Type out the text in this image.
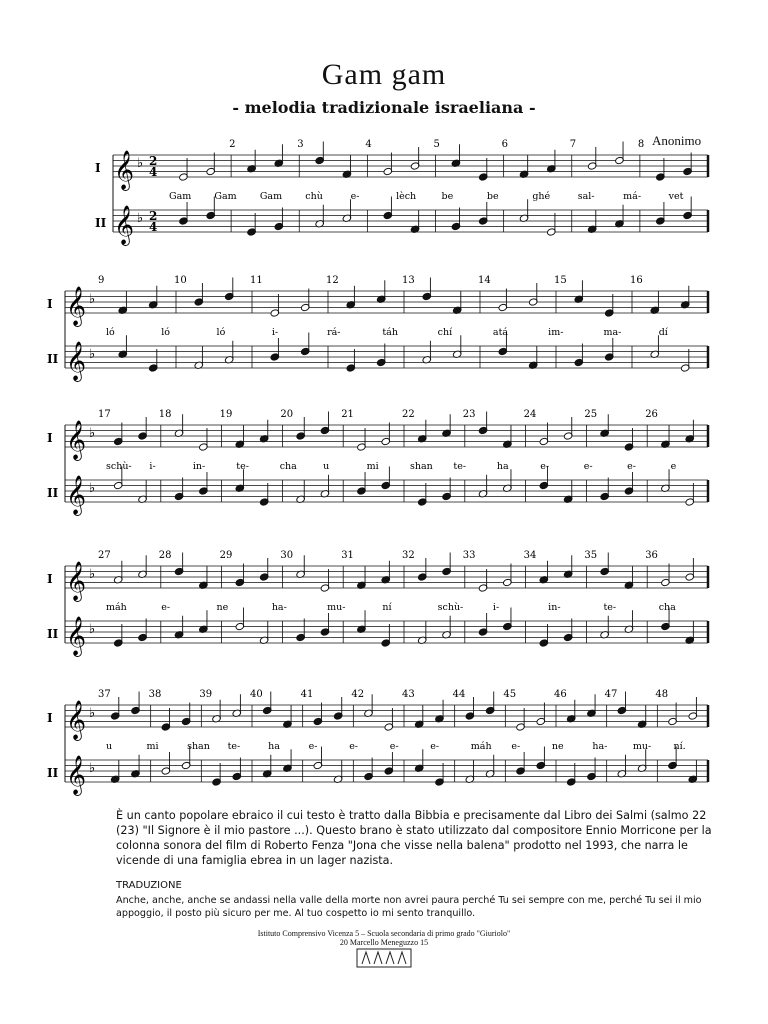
Gam gam
- melodia tradizionale israeliana -
Anonimo
I 𝄞 ♭ 2
4
II 𝄞 ♭ 2
4
2	3	4	5	6	7	8
Gam Gam Gam chù	e-	lèch	be	be	ghé	sal-	má-	vet
I 𝄞 ♭
II 𝄞 ♭
9	10	11	12	13	14	15	16
ló	ló	ló	i-	rá-	táh	chí	atá	im-	ma-	dí
I 𝄞 ♭
II 𝄞 ♭
17	18	19	20	21	22	23	24	25	26
schù- i-	in-	te-	cha	u	mi	shan te-	ha	e-	e-	e-	e
I 𝄞 ♭
II 𝄞 ♭
27	28	29	30	31	32	33	34	35	36
máh	e-	ne	ha-	mu-	ní	schù-	i-	in-	te-	cha
I 𝄞 ♭
II 𝄞 ♭
37	38	39	40	41	42	43	44	45	46	47	48
u	mi	shan te-	ha	e-	e-	e-	e-	máh e-	ne	ha-	mu- ní.
È un canto popolare ebraico il cui testo è tratto dalla Bibbia e precisamente dal Libro dei Salmi (salmo 22 (23) "Il Signore è il mio pastore ...). Questo brano è stato utilizzato dal compositore Ennio Morricone per la colonna sonora del film di Roberto Fenza "Jona che visse nella balena" prodotto nel 1993, che narra le vicende di una famiglia ebrea in un lager nazista.
TRADUZIONE
Anche, anche, anche se andassi nella valle della morte non avrei paura perché Tu sei sempre con me, perché Tu sei il mio appoggio, il posto più sicuro per me. Al tuo cospetto io mi sento tranquillo.
Istituto Comprensivo Vicenza 5 – Scuola secondaria di primo grado "Giuriolo"
20 Marcello Meneguzzo 15
